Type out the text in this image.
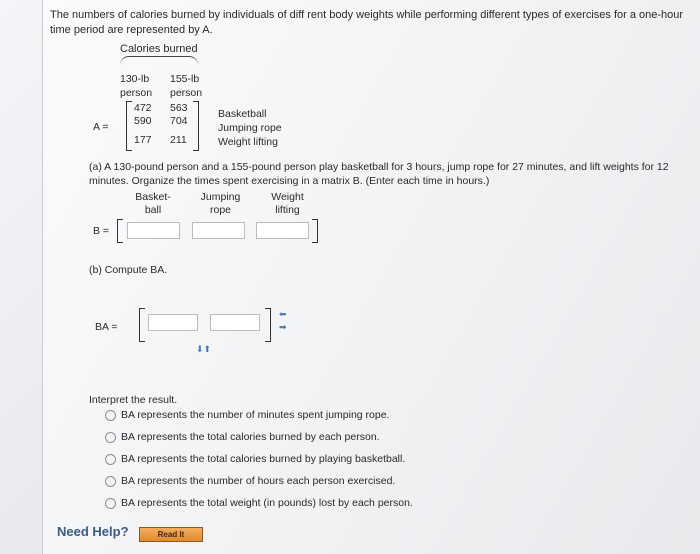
The numbers of calories burned by individuals of diff rent body weights while performing different types of exercises for a one-hour time period are represented by A.
Calories burned
130-lb
person
155-lb
person
A =
472 563
590 704
177 211
Basketball
Jumping rope
Weight lifting
(a) A 130-pound person and a 155-pound person play basketball for 3 hours, jump rope for 27 minutes, and lift weights for 12 minutes. Organize the times spent exercising in a matrix B. (Enter each time in hours.)
Basket-
ball
Jumping
rope
Weight
lifting
B =
(b) Compute BA.
BA =
⬅
➡
⬇⬆
Interpret the result.
BA represents the number of minutes spent jumping rope.
BA represents the total calories burned by each person.
BA represents the total calories burned by playing basketball.
BA represents the number of hours each person exercised.
BA represents the total weight (in pounds) lost by each person.
Need Help?	Read It
